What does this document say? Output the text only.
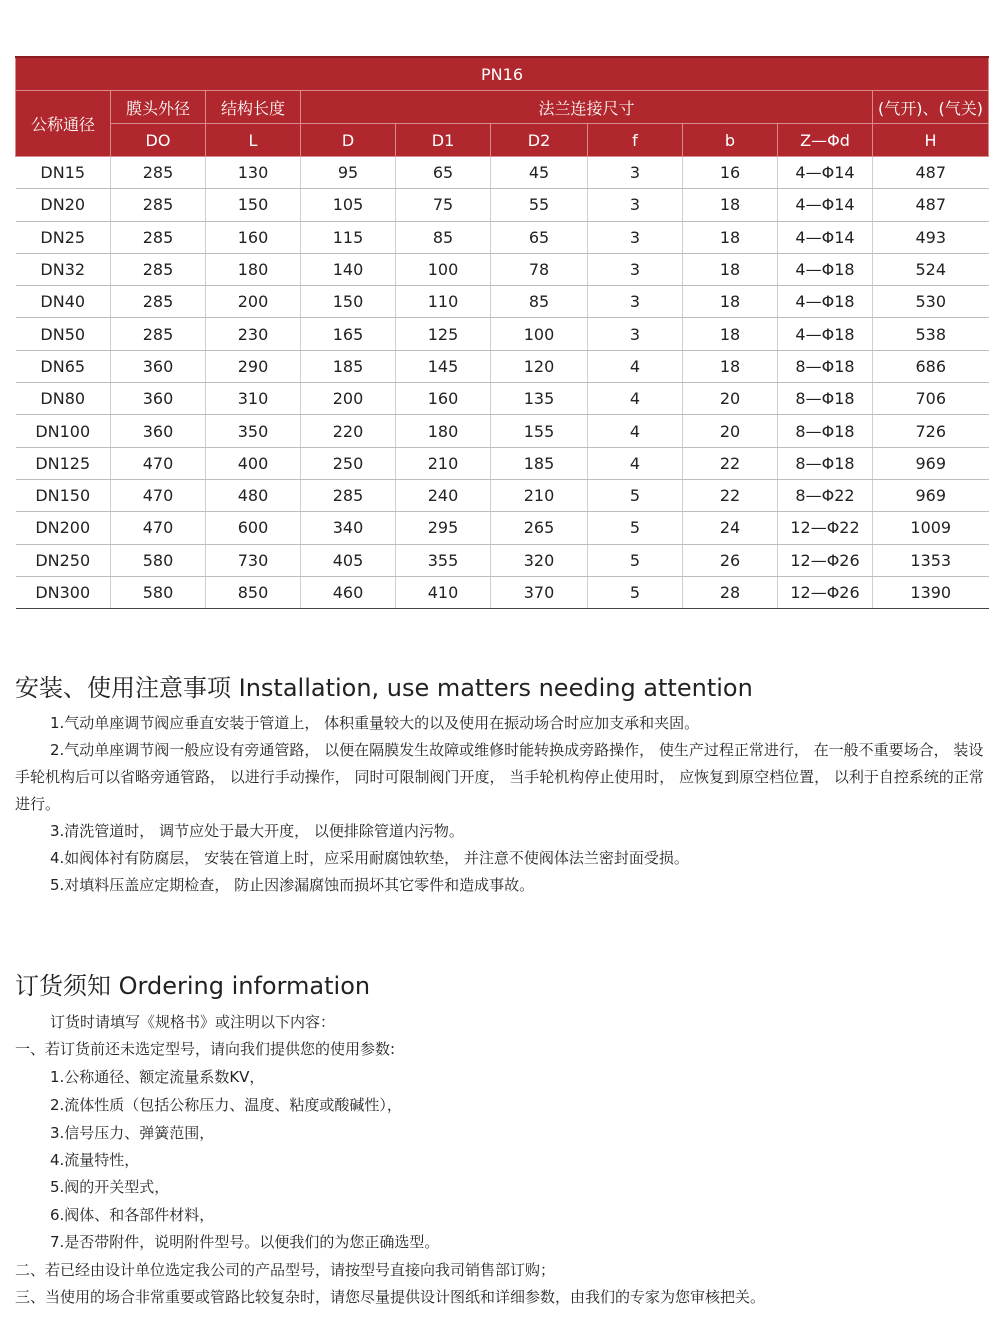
PN16									
公称通径	膜头外径	结构长度	法兰连接尺寸						(气开)、(气关)
	DO	L	D	D1	D2	f	b	Z—Φd	H
DN15	285	130	95	65	45	3	16	4—Φ14	487
DN20	285	150	105	75	55	3	18	4—Φ14	487
DN25	285	160	115	85	65	3	18	4—Φ14	493
DN32	285	180	140	100	78	3	18	4—Φ18	524
DN40	285	200	150	110	85	3	18	4—Φ18	530
DN50	285	230	165	125	100	3	18	4—Φ18	538
DN65	360	290	185	145	120	4	18	8—Φ18	686
DN80	360	310	200	160	135	4	20	8—Φ18	706
DN100	360	350	220	180	155	4	20	8—Φ18	726
DN125	470	400	250	210	185	4	22	8—Φ18	969
DN150	470	480	285	240	210	5	22	8—Φ22	969
DN200	470	600	340	295	265	5	24	12—Φ22	1009
DN250	580	730	405	355	320	5	26	12—Φ26	1353
DN300	580	850	460	410	370	5	28	12—Φ26	1390
安装、使用注意事项 Installation, use matters needing attention

1.气动单座调节阀应垂直安装于管道上， 体积重量较大的以及使用在振动场合时应加支承和夹固。

2.气动单座调节阀一般应设有旁通管路， 以便在隔膜发生故障或维修时能转换成旁路操作， 使生产过程正常进行， 在一般不重要场合， 装设手轮机构后可以省略旁通管路， 以进行手动操作， 同时可限制阀门开度， 当手轮机构停止使用时， 应恢复到原空档位置， 以利于自控系统的正常进行。

3.清洗管道时， 调节应处于最大开度， 以便排除管道内污物。

4.如阀体衬有防腐层， 安装在管道上时，应采用耐腐蚀软垫， 并注意不使阀体法兰密封面受损。

5.对填料压盖应定期检查， 防止因渗漏腐蚀而损坏其它零件和造成事故。

订货须知 Ordering information

订货时请填写《规格书》或注明以下内容：

一、若订货前还未选定型号，请向我们提供您的使用参数:

1.公称通径、额定流量系数KV，

2.流体性质（包括公称压力、温度、粘度或酸碱性），

3.信号压力、弹簧范围，

4.流量特性，

5.阀的开关型式，

6.阀体、和各部件材料，

7.是否带附件，说明附件型号。以便我们的为您正确选型。

二、若已经由设计单位选定我公司的产品型号，请按型号直接向我司销售部订购；

三、当使用的场合非常重要或管路比较复杂时，请您尽量提供设计图纸和详细参数，由我们的专家为您审核把关。
